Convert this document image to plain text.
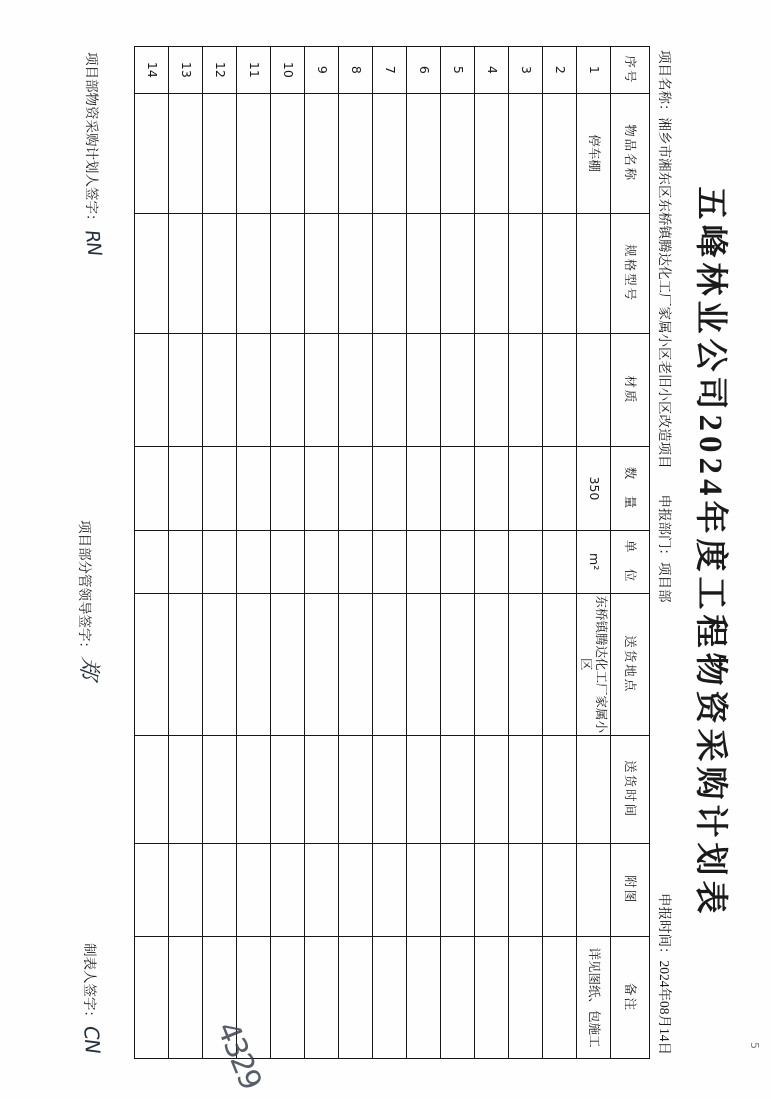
5
五峰林业公司2024年度工程物资采购计划表
项目名称：湘乡市湘东区东桥镇腾达化工厂家属小区老旧小区改造项目
申报部门：项目部
申报时间：2024年08月14日
序号	物品名称	规格型号	材质	数　量	单　位	送货地点	送货时间	附图	备注
1	停车棚			350	m²	东桥镇腾达化工厂家属小区			详见图纸、包施工
2									
3									
4									
5									
6									
7									
8									
9									
10									
11									
12									
13									
14									
项目部物资采购计划人签字：RN
项目部分管领导签字：郑
制表人签字：CN	4329
